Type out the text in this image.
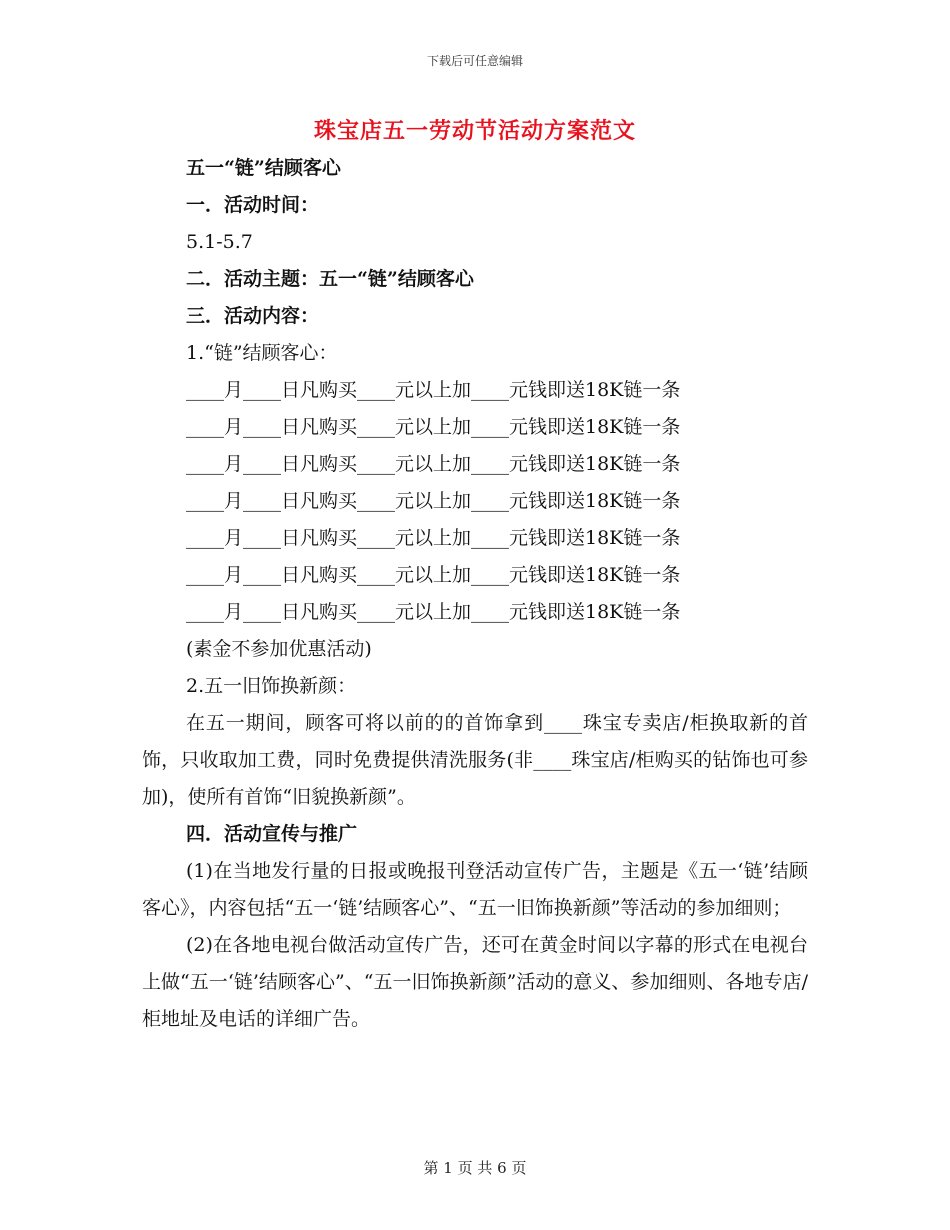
下载后可任意编辑
珠宝店五一劳动节活动方案范文
五一“链”结顾客心
一．活动时间：
5.1-5.7
二．活动主题：五一“链”结顾客心
三．活动内容：
1.“链”结顾客心：
____月____日凡购买____元以上加____元钱即送18K链一条
____月____日凡购买____元以上加____元钱即送18K链一条
____月____日凡购买____元以上加____元钱即送18K链一条
____月____日凡购买____元以上加____元钱即送18K链一条
____月____日凡购买____元以上加____元钱即送18K链一条
____月____日凡购买____元以上加____元钱即送18K链一条
____月____日凡购买____元以上加____元钱即送18K链一条
(素金不参加优惠活动)
2.五一旧饰换新颜：
在五一期间，顾客可将以前的的首饰拿到____珠宝专卖店/柜换取新的首饰，只收取加工费，同时免费提供清洗服务(非____珠宝店/柜购买的钻饰也可参加)，使所有首饰“旧貌换新颜”。
四．活动宣传与推广
(1)在当地发行量的日报或晚报刊登活动宣传广告，主题是《五一‘链’结顾客心》，内容包括“五一‘链’结顾客心”、“五一旧饰换新颜”等活动的参加细则；
(2)在各地电视台做活动宣传广告，还可在黄金时间以字幕的形式在电视台上做“五一‘链’结顾客心”、“五一旧饰换新颜”活动的意义、参加细则、各地专店/柜地址及电话的详细广告。
第 1 页 共 6 页
